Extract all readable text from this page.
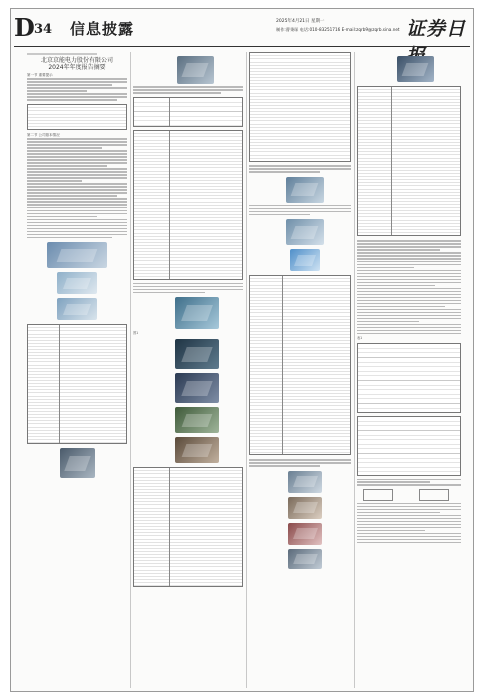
D 34 信息披露	2025年4月21日 星期一
制作:曹秉琛 电话:010-83251716 E-mail:zqrb9@zqrb.sina.net 证券日
北京京能电力股份有限公司
2024年年度报告摘要
第一节 重要提示
第二节 公司基本情况
图1
表1
